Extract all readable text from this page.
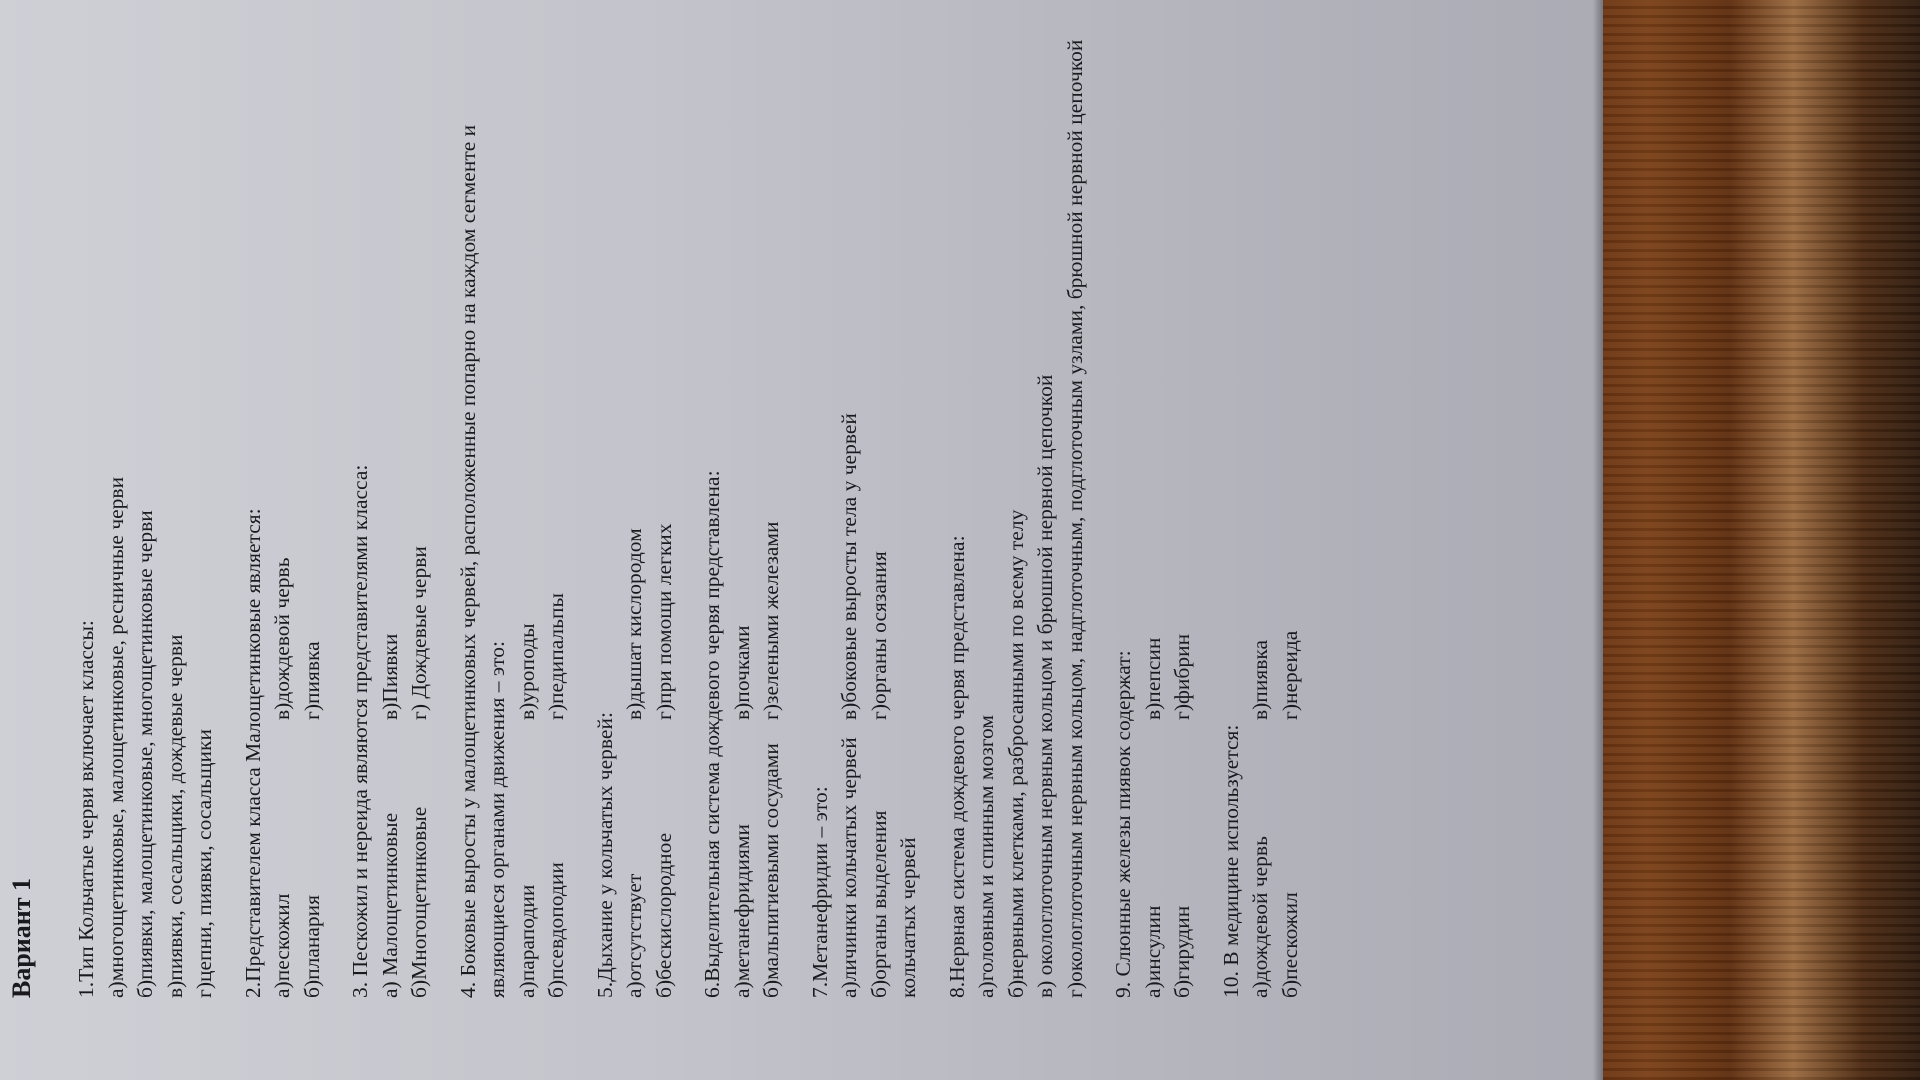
Вариант 1 1.Тип Кольчатые черви включает классы: а)многощетинковые, малощетинковые, ресничные черви б)пиявки, малощетинковые, многощетинковые черви в)пиявки, сосальщики, дождевые черви г)цепни, пиявки, сосальщики 2.Представителем класса Малощетинковые является: а)пескожил
в)дождевой червь
б)планария
г)пиявка 3. Пескожил и нереида являются представителями класса: а) Малощетинковые
в)Пиявки
б)Многощетинковые
г) Дождевые черви 4. Боковые выросты у малощетинковых червей, расположенные попарно на каждом сегменте и являющиеся органами движения – это: а)параподии
в)уроподы
б)псевдоподии
г)педипальпы
5.Дыхание у кольчатых червей: а)отсутствует
в)дышат кислородом
б)бескислородное
г)при помощи легких 6.Выделительная система дождевого червя представлена: а)метанефридиями
в)почками
б)мальпигиевыми сосудами
г)зелеными железами
7.Метанефридии – это: а)личинки кольчатых червей
в)боковые выросты тела у червей
б)органы выделения кольчатых червей
г)органы осязания	8.Нервная система дождевого червя представлена: а)головным и спинным мозгом б)нервными клетками, разбросанными по всему телу в) окологлоточным нервным кольцом и брюшной нервной цепочкой г)окологлоточным нервным кольцом, надглоточным, подглоточным узлами, брюшной нервной цепочкой 9. Слюнные железы пиявок содержат: а)инсулин
в)пепсин
б)гирудин
г)фибрин
10. В медицине используется: а)дождевой червь
в)пиявка
б)пескожил
г)нереида
